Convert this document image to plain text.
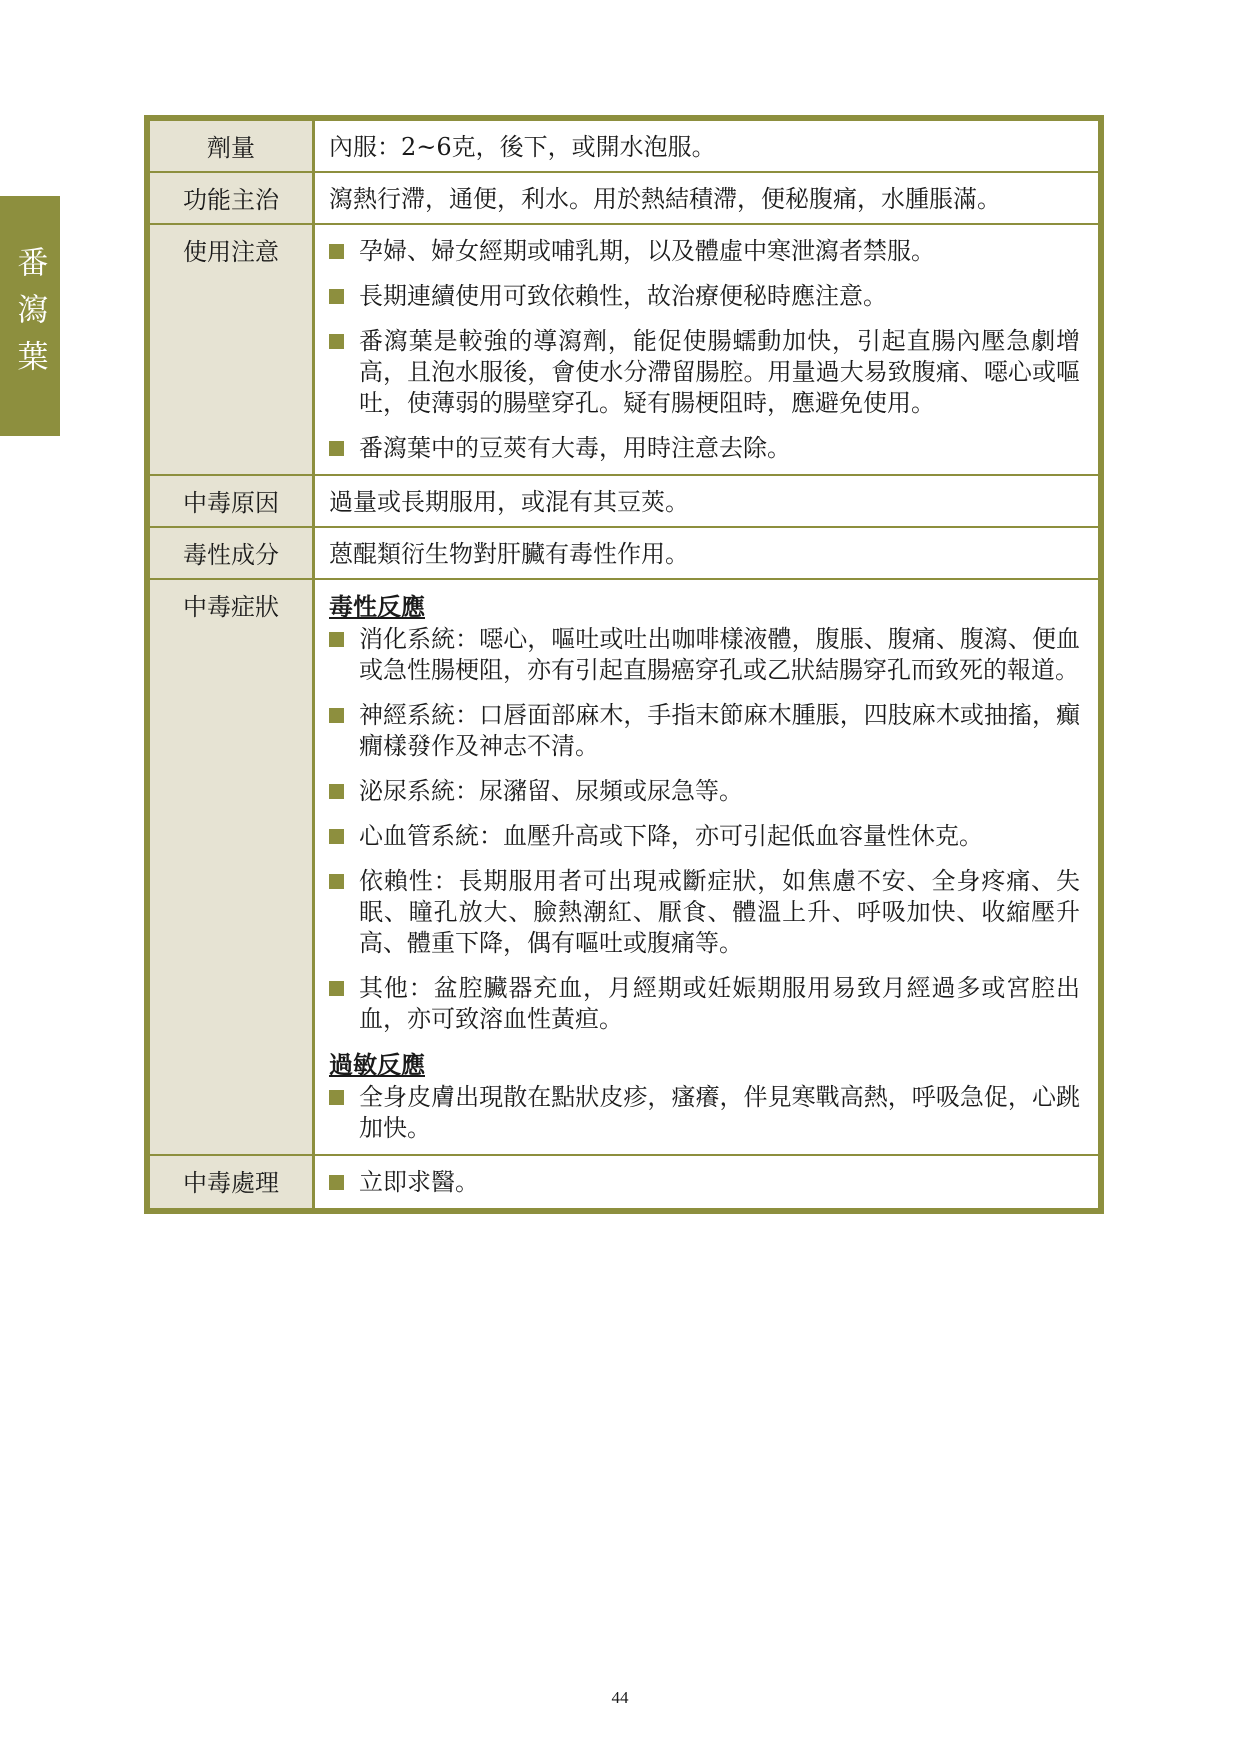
番瀉葉
劑量	內服：2~6克，後下，或開水泡服。
功能主治	瀉熱行滯，通便，利水。用於熱結積滯，便秘腹痛，水腫脹滿。
使用注意	孕婦、婦女經期或哺乳期，以及體虛中寒泄瀉者禁服。
長期連續使用可致依賴性，故治療便秘時應注意。
番瀉葉是較強的導瀉劑，能促使腸蠕動加快，引起直腸內壓急劇增高，且泡水服後，會使水分滯留腸腔。用量過大易致腹痛、噁心或嘔吐，使薄弱的腸壁穿孔。疑有腸梗阻時，應避免使用。
番瀉葉中的豆莢有大毒，用時注意去除。
中毒原因	過量或長期服用，或混有其豆莢。
毒性成分	蒽醌類衍生物對肝臟有毒性作用。
中毒症狀	毒性反應
消化系統：噁心，嘔吐或吐出咖啡樣液體，腹脹、腹痛、腹瀉、便血或急性腸梗阻，亦有引起直腸癌穿孔或乙狀結腸穿孔而致死的報道。
神經系統：口唇面部麻木，手指末節麻木腫脹，四肢麻木或抽搐，癲癇樣發作及神志不清。
泌尿系統：尿瀦留、尿頻或尿急等。
心血管系統：血壓升高或下降，亦可引起低血容量性休克。
依賴性：長期服用者可出現戒斷症狀，如焦慮不安、全身疼痛、失眠、瞳孔放大、臉熱潮紅、厭食、體溫上升、呼吸加快、收縮壓升高、體重下降，偶有嘔吐或腹痛等。
其他：盆腔臟器充血，月經期或妊娠期服用易致月經過多或宮腔出血，亦可致溶血性黃疸。
過敏反應
全身皮膚出現散在點狀皮疹，瘙癢，伴見寒戰高熱，呼吸急促，心跳加快。
中毒處理	立即求醫。
44
